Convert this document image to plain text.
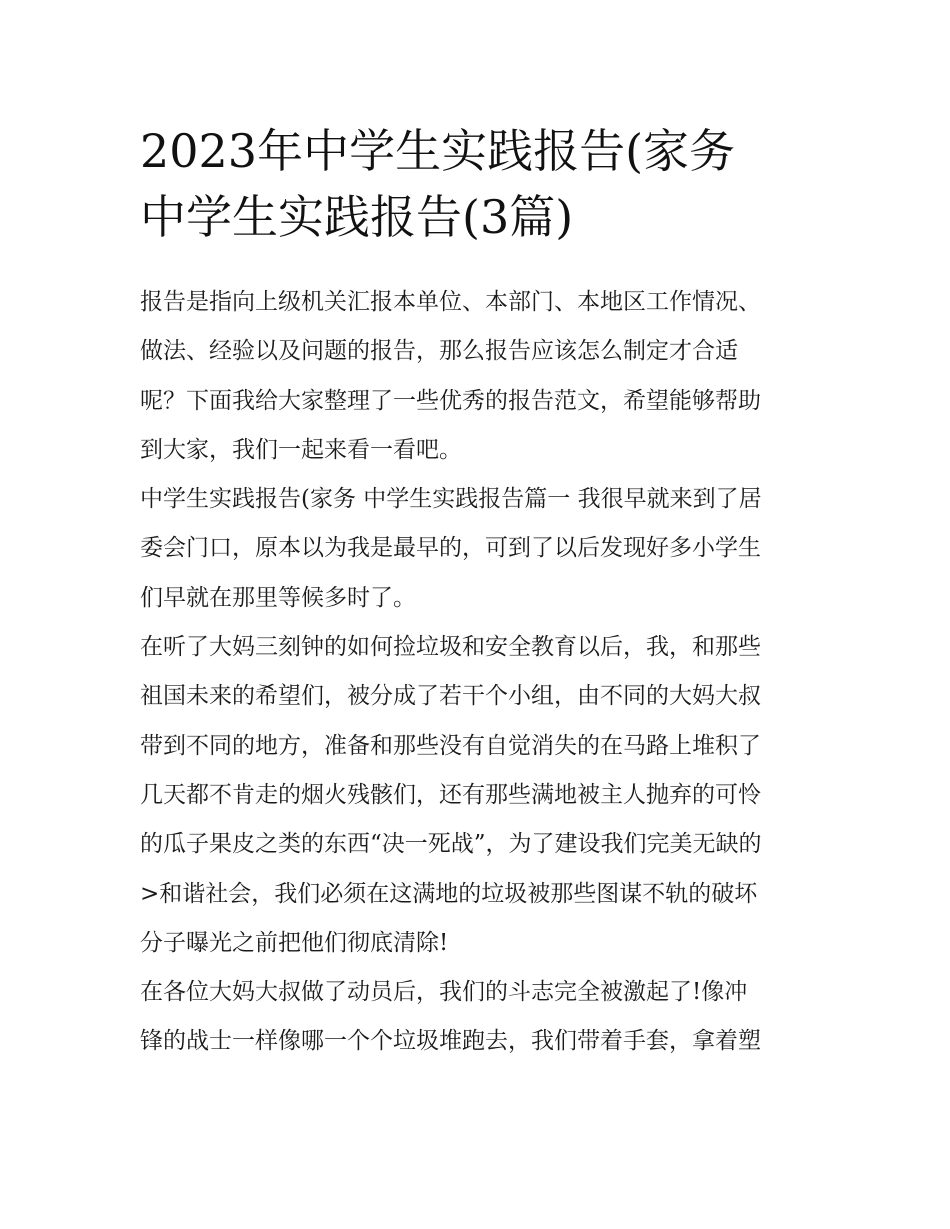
2023年中学生实践报告(家务
中学生实践报告(3篇)

报告是指向上级机关汇报本单位、本部门、本地区工作情况、
做法、经验以及问题的报告，那么报告应该怎么制定才合适
呢？下面我给大家整理了一些优秀的报告范文，希望能够帮助
到大家，我们一起来看一看吧。

中学生实践报告(家务 中学生实践报告篇一 我很早就来到了居
委会门口，原本以为我是最早的，可到了以后发现好多小学生
们早就在那里等候多时了。

在听了大妈三刻钟的如何捡垃圾和安全教育以后，我，和那些
祖国未来的希望们，被分成了若干个小组，由不同的大妈大叔
带到不同的地方，准备和那些没有自觉消失的在马路上堆积了
几天都不肯走的烟火残骸们，还有那些满地被主人抛弃的可怜
的瓜子果皮之类的东西“决一死战”，为了建设我们完美无缺的
>和谐社会，我们必须在这满地的垃圾被那些图谋不轨的破坏
分子曝光之前把他们彻底清除!

在各位大妈大叔做了动员后，我们的斗志完全被激起了!像冲
锋的战士一样像哪一个个垃圾堆跑去，我们带着手套，拿着塑
